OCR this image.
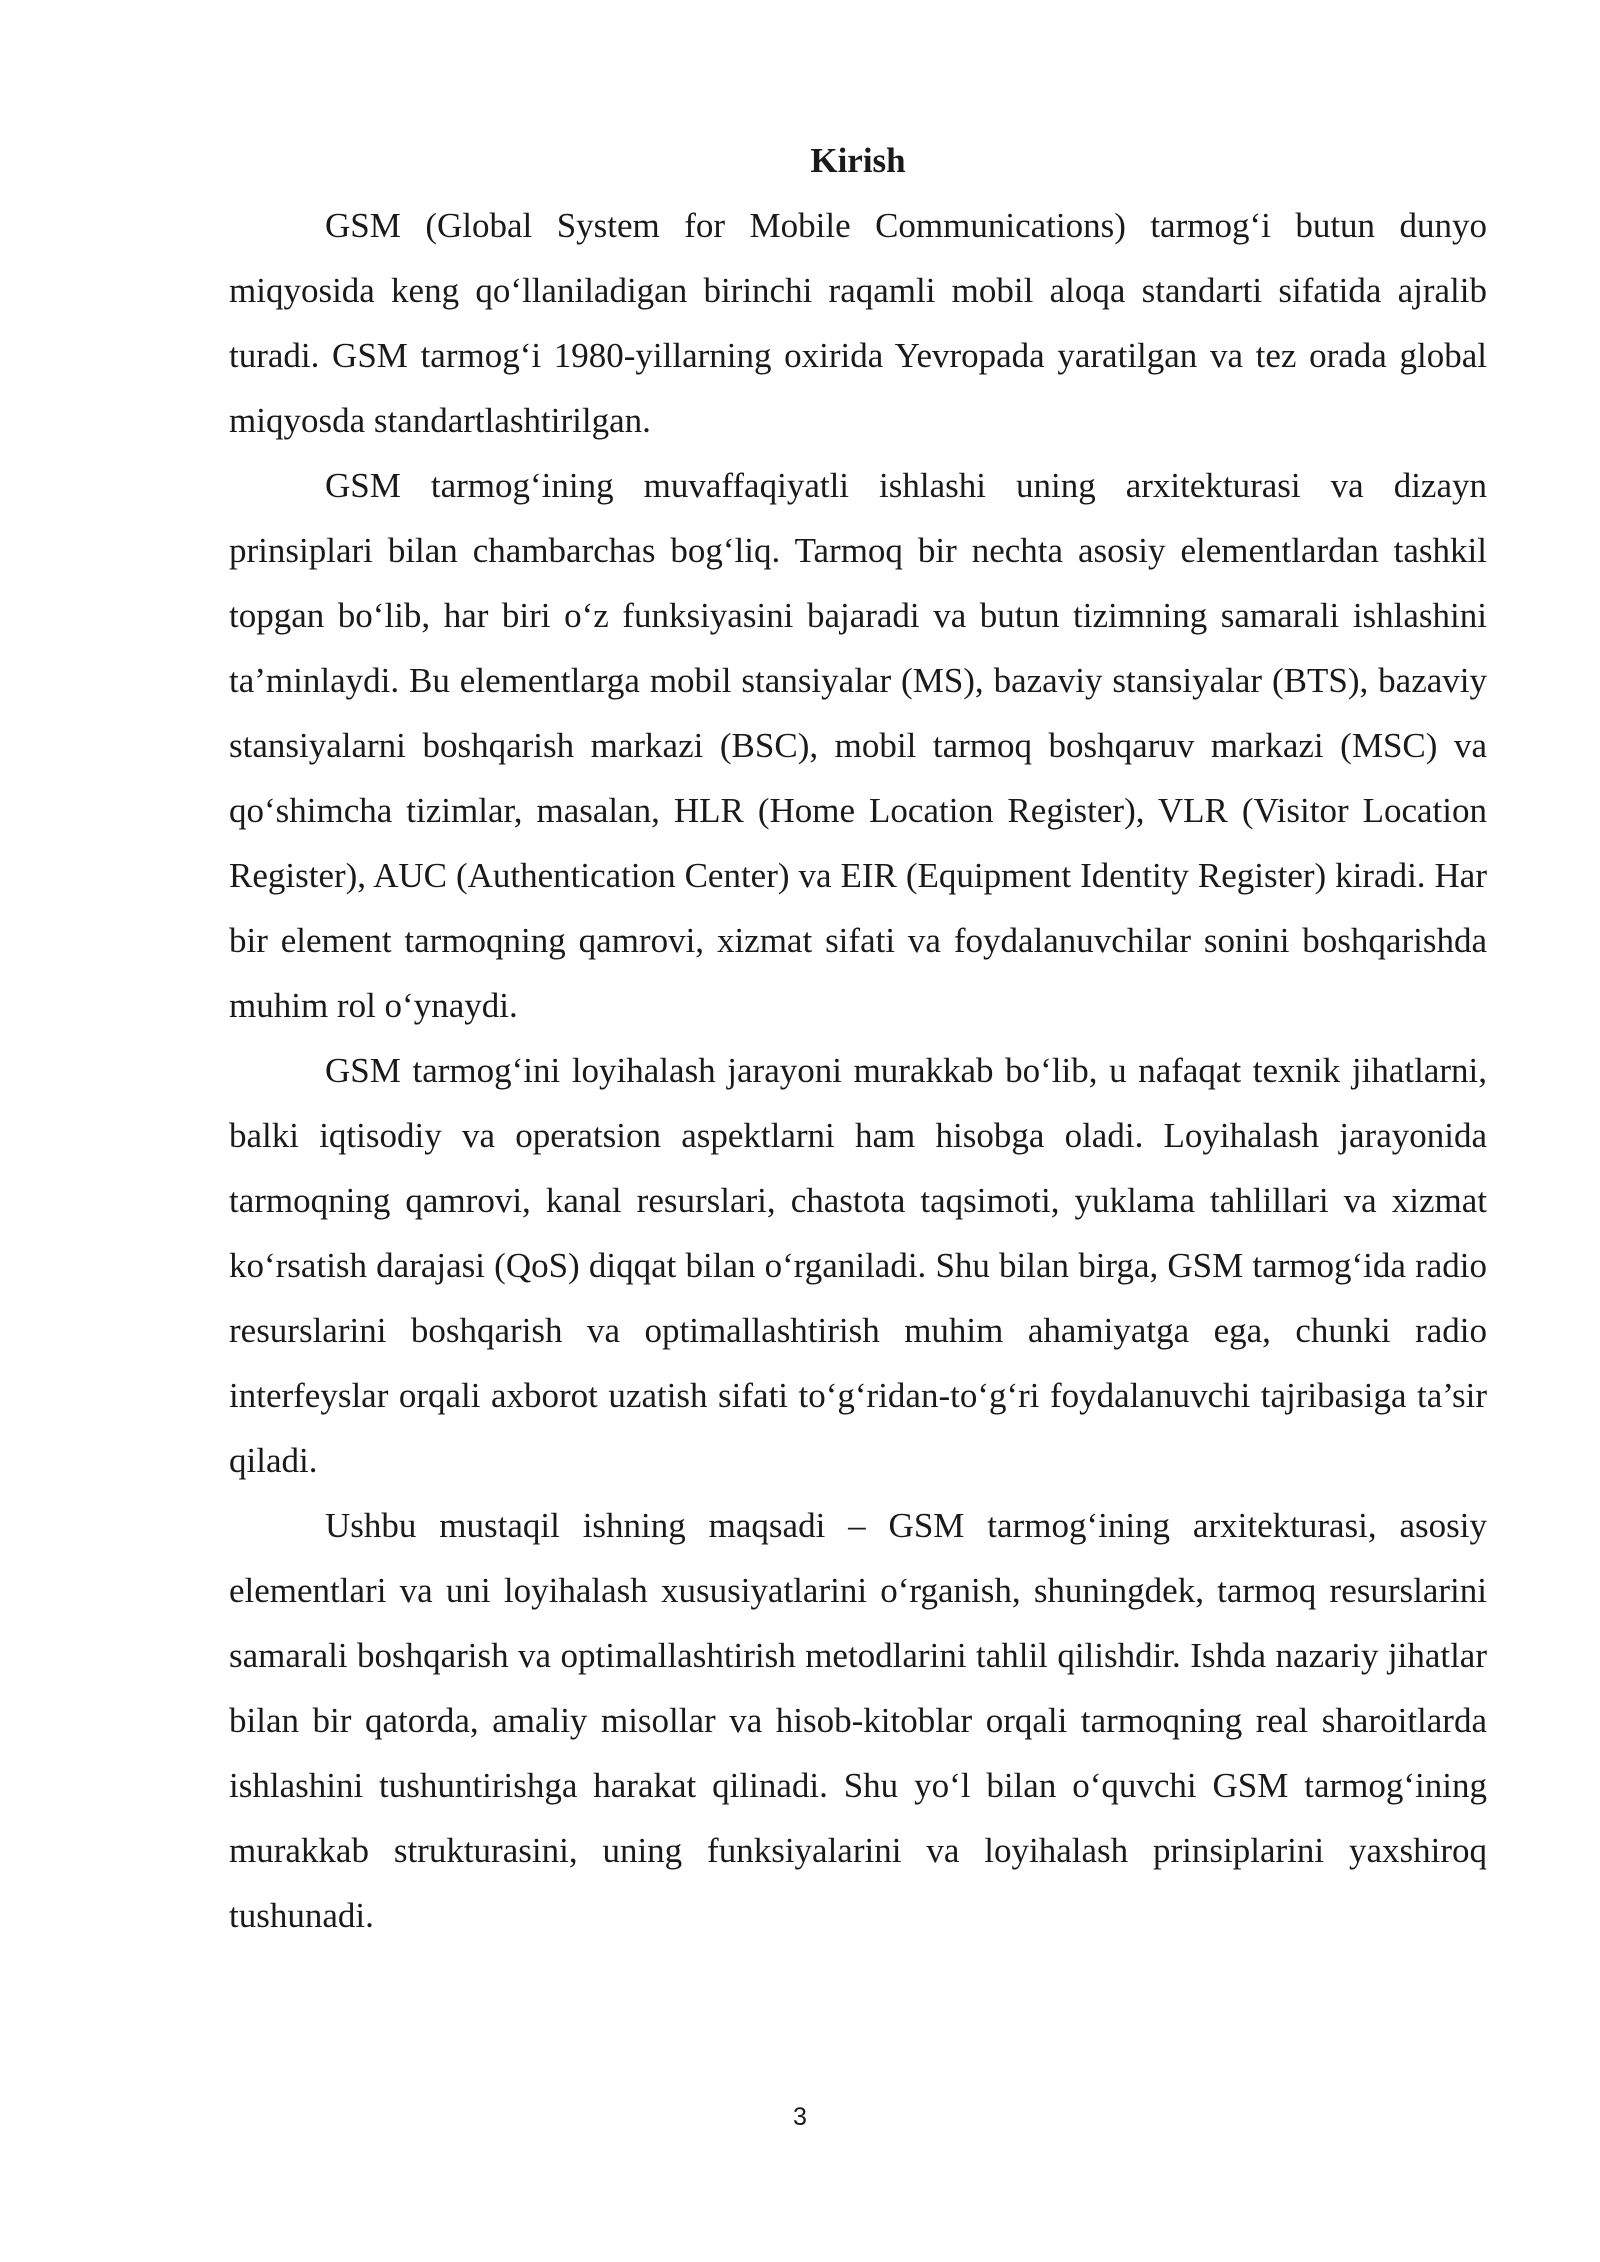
Kirish

GSM (Global System for Mobile Communications) tarmog‘i butun dunyo miqyosida keng qo‘llaniladigan birinchi raqamli mobil aloqa standarti sifatida ajralib turadi. GSM tarmog‘i 1980-yillarning oxirida Yevropada yaratilgan va tez orada global miqyosda standartlashtirilgan.

GSM tarmog‘ining muvaffaqiyatli ishlashi uning arxitekturasi va dizayn prinsiplari bilan chambarchas bog‘liq. Tarmoq bir nechta asosiy elementlardan tashkil topgan bo‘lib, har biri o‘z funksiyasini bajaradi va butun tizimning samarali ishlashini ta’minlaydi. Bu elementlarga mobil stansiyalar (MS), bazaviy stansiyalar (BTS), bazaviy stansiyalarni boshqarish markazi (BSC), mobil tarmoq boshqaruv markazi (MSC) va qo‘shimcha tizimlar, masalan, HLR (Home Location Register), VLR (Visitor Location Register), AUC (Authentication Center) va EIR (Equipment Identity Register) kiradi. Har bir element tarmoqning qamrovi, xizmat sifati va foydalanuvchilar sonini boshqarishda muhim rol o‘ynaydi.

GSM tarmog‘ini loyihalash jarayoni murakkab bo‘lib, u nafaqat texnik jihatlarni, balki iqtisodiy va operatsion aspektlarni ham hisobga oladi. Loyihalash jarayonida tarmoqning qamrovi, kanal resurslari, chastota taqsimoti, yuklama tahlillari va xizmat ko‘rsatish darajasi (QoS) diqqat bilan o‘rganiladi. Shu bilan birga, GSM tarmog‘ida radio resurslarini boshqarish va optimallashtirish muhim ahamiyatga ega, chunki radio interfeyslar orqali axborot uzatish sifati to‘g‘ridan-to‘g‘ri foydalanuvchi tajribasiga ta’sir qiladi.

Ushbu mustaqil ishning maqsadi – GSM tarmog‘ining arxitekturasi, asosiy elementlari va uni loyihalash xususiyatlarini o‘rganish, shuningdek, tarmoq resurslarini samarali boshqarish va optimallashtirish metodlarini tahlil qilishdir. Ishda nazariy jihatlar bilan bir qatorda, amaliy misollar va hisob-kitoblar orqali tarmoqning real sharoitlarda ishlashini tushuntirishga harakat qilinadi. Shu yo‘l bilan o‘quvchi GSM tarmog‘ining murakkab strukturasini, uning funksiyalarini va loyihalash prinsiplarini yaxshiroq tushunadi.

3
